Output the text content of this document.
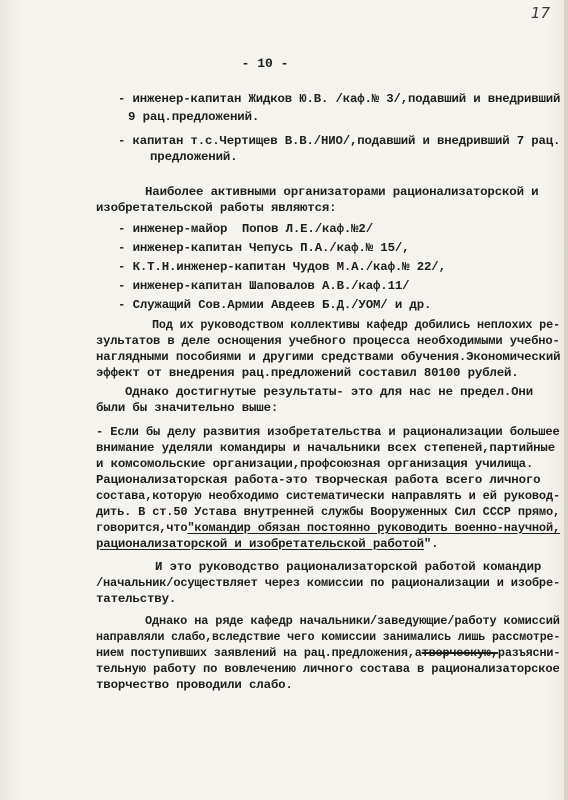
17
- 10 -
- инженер-капитан Жидков Ю.В. /каф.№ 3/,подавший и внедривший
9 рац.предложений.
- капитан т.с.Чертищев В.В./НИО/,подавший и внедривший 7 рац.
предложений.
Наиболее активными организаторами рационализаторской и
изобретательской работы являются:
- инженер-майор  Попов Л.Е./каф.№2/
- инженер-капитан Чепусь П.А./каф.№ 15/,
- К.Т.Н.инженер-капитан Чудов М.А./каф.№ 22/,
- инженер-капитан Шаповалов А.В./каф.11/
- Служащий Сов.Армии Авдеев Б.Д./УОМ/ и др.
Под их руководством коллективы кафедр добились неплохих ре-
зультатов в деле оснощения учебного процесса необходимыми учебно-
наглядными пособиями и другими средствами обучения.Экономический
эффект от внедрения рац.предложений составил 80100 рублей.
Однако достигнутые результаты- это для нас не предел.Они
были бы значительно выше:
- Если бы делу развития изобретательства и рационализации большее
внимание уделяли командиры и начальники всех степеней,партийные
и комсомольские организации,профсоюзная организация училища.
Рационализаторская работа-это творческая работа всего личного
состава,которую необходимо систематически направлять и ей руковод-
дить. В ст.50 Устава внутренней службы Вооруженных Сил СССР прямо,
говорится,что"командир обязан постоянно руководить военно-научной,
рационализаторской и изобретательской работой".
И это руководство рационализаторской работой командир
/начальник/осуществляет через комиссии по рационализации и изобре-
тательству.
Однако на ряде кафедр начальники/заведующие/работу комиссий
направляли слабо,вследствие чего комиссии занимались лишь рассмотре-
нием поступивших заявлений на рац.предложения,атворческую,разъясни-
тельную работу по вовлечению личного состава в рационализаторское
творчество проводили слабо.
